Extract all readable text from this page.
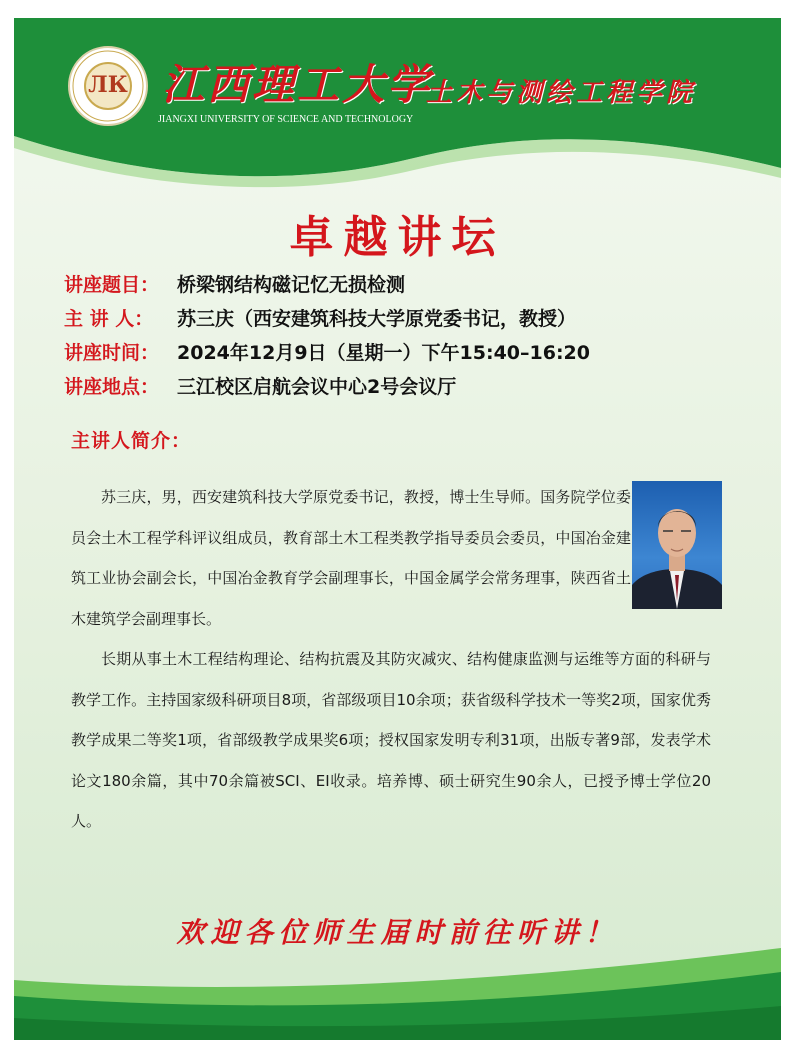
ЛК 江西理工大学
土木与测绘工程学院
JIANGXI UNIVERSITY OF SCIENCE AND TECHNOLOGY
卓越讲坛
讲座题目： 桥梁钢结构磁记忆无损检测
主 讲 人： 苏三庆（西安建筑科技大学原党委书记，教授）
讲座时间： 2024年12月9日（星期一）下午15:40–16:20
讲座地点： 三江校区启航会议中心2号会议厅
主讲人简介：

苏三庆，男，西安建筑科技大学原党委书记，教授，博士生导师。国务院学位委员会土木工程学科评议组成员，教育部土木工程类教学指导委员会委员，中国冶金建筑工业协会副会长，中国冶金教育学会副理事长，中国金属学会常务理事，陕西省土木建筑学会副理事长。

长期从事土木工程结构理论、结构抗震及其防灾减灾、结构健康监测与运维等方面的科研与教学工作。主持国家级科研项目8项，省部级项目10余项；获省级科学技术一等奖2项，国家优秀教学成果二等奖1项，省部级教学成果奖6项；授权国家发明专利31项，出版专著9部，发表学术论文180余篇，其中70余篇被SCI、EI收录。培养博、硕士研究生90余人，已授予博士学位20人。

欢迎各位师生届时前往听讲！
